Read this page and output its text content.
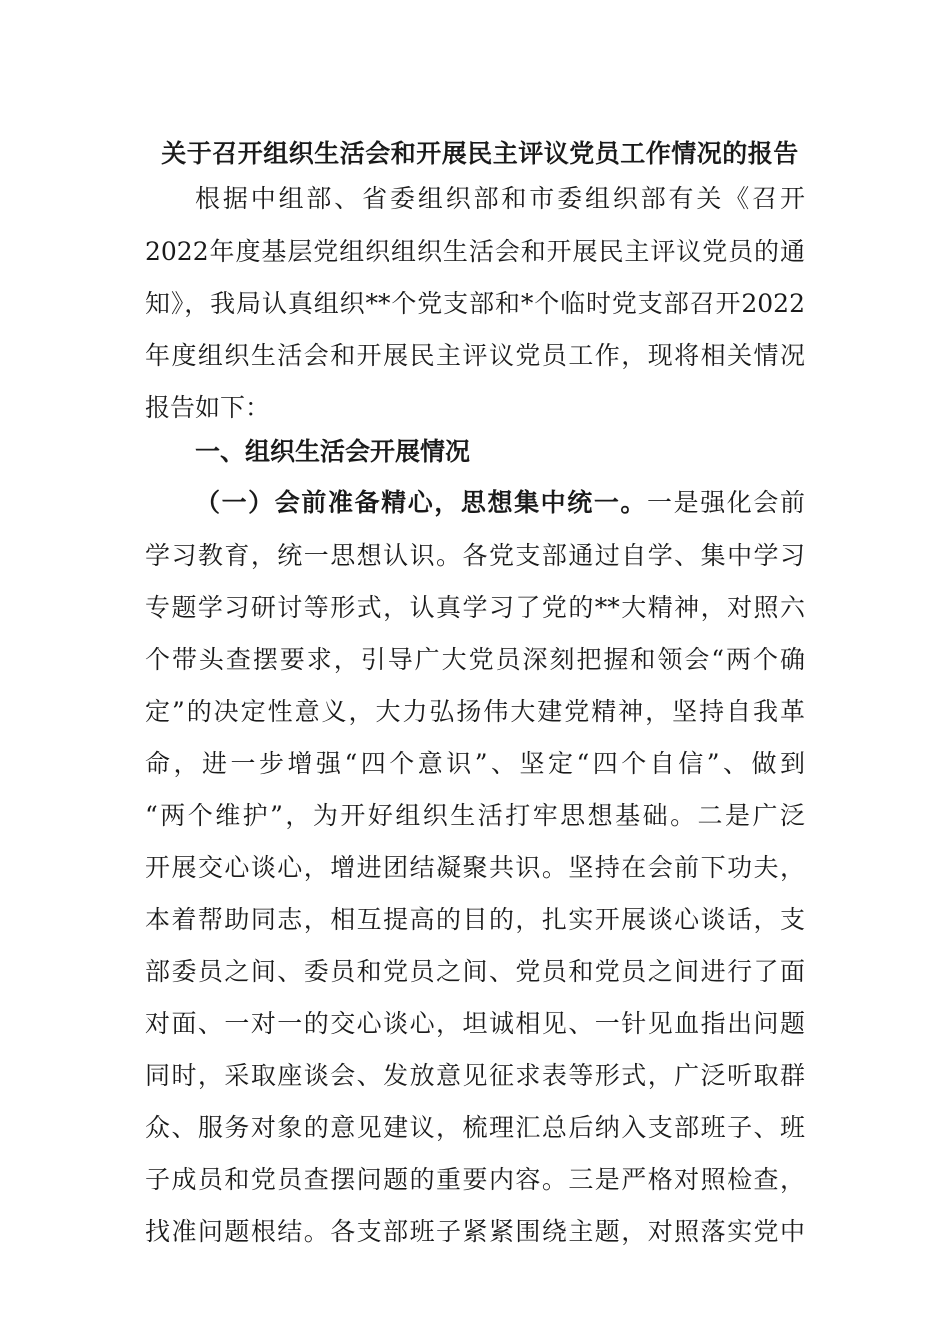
关于召开组织生活会和开展民主评议党员工作情况的报告
根据中组部、省委组织部和市委组织部有关《召开
2022年度基层党组织组织生活会和开展民主评议党员的通
知》，我局认真组织**个党支部和*个临时党支部召开2022
年度组织生活会和开展民主评议党员工作，现将相关情况
报告如下：
一、组织生活会开展情况
（一）会前准备精心，思想集中统一。一是强化会前
学习教育，统一思想认识。各党支部通过自学、集中学习
专题学习研讨等形式，认真学习了党的**大精神，对照六
个带头查摆要求，引导广大党员深刻把握和领会“两个确
定”的决定性意义，大力弘扬伟大建党精神，坚持自我革
命，进一步增强“四个意识”、坚定“四个自信”、做到
“两个维护”，为开好组织生活打牢思想基础。二是广泛
开展交心谈心，增进团结凝聚共识。坚持在会前下功夫，
本着帮助同志，相互提高的目的，扎实开展谈心谈话，支
部委员之间、委员和党员之间、党员和党员之间进行了面
对面、一对一的交心谈心，坦诚相见、一针见血指出问题
同时，采取座谈会、发放意见征求表等形式，广泛听取群
众、服务对象的意见建议，梳理汇总后纳入支部班子、班
子成员和党员查摆问题的重要内容。三是严格对照检查，
找准问题根结。各支部班子紧紧围绕主题，对照落实党中
